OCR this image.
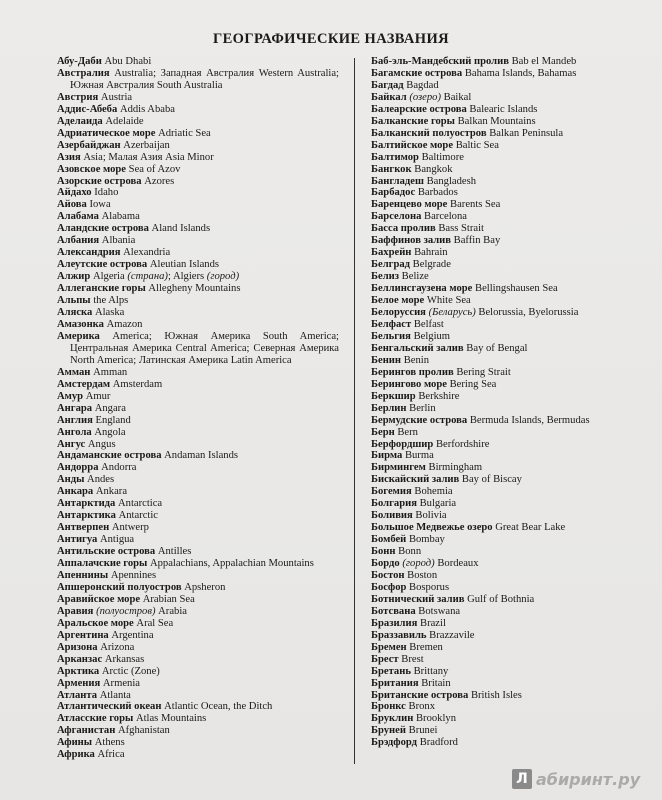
ГЕОГРАФИЧЕСКИЕ НАЗВАНИЯ
Абу-Даби Abu Dhabi
Австралия Australia; Западная Австралия Western Australia; Южная Австралия South Australia
Австрия Austria
Аддис-Абеба Addis Ababa
Аделаида Adelaide
Адриатическое море Adriatic Sea
Азербайджан Azerbaijan
Азия Asia; Малая Азия Asia Minor
Азовское море Sea of Azov
Азорские острова Azores
Айдахо Idaho
Айова Iowa
Алабама Alabama
Аландские острова Aland Islands
Албания Albania
Александрия Alexandria
Алеутские острова Aleutian Islands
Алжир Algeria (страна); Algiers (город)
Аллеганские горы Allegheny Mountains
Альпы the Alps
Аляска Alaska
Амазонка Amazon
Америка America; Южная Америка South America; Центральная Америка Central America; Северная Америка North America; Латинская Америка Latin America
Амман Amman
Амстердам Amsterdam
Амур Amur
Ангара Angara
Англия England
Ангола Angola
Ангус Angus
Андаманские острова Andaman Islands
Андорра Andorra
Анды Andes
Анкара Ankara
Антарктида Antarctica
Антарктика Antarctic
Антверпен Antwerp
Антигуа Antigua
Антильские острова Antilles
Аппалачские горы Appalachians, Appalachian Mountains
Апеннины Apennines
Апшеронский полуостров Apsheron
Аравийское море Arabian Sea
Аравия (полуостров) Arabia
Аральское море Aral Sea
Аргентина Argentina
Аризона Arizona
Арканзас Arkansas
Арктика Arctic (Zone)
Армения Armenia
Атланта Atlanta
Атлантический океан Atlantic Ocean, the Ditch
Атласские горы Atlas Mountains
Афганистан Afghanistan
Афины Athens
Африка Africa
Баб-эль-Мандебский пролив Bab el Mandeb
Багамские острова Bahama Islands, Bahamas
Багдад Bagdad
Байкал (озеро) Baikal
Балеарские острова Balearic Islands
Балканские горы Balkan Mountains
Балканский полуостров Balkan Peninsula
Балтийское море Baltic Sea
Балтимор Baltimore
Бангкок Bangkok
Бангладеш Bangladesh
Барбадос Barbados
Баренцево море Barents Sea
Барселона Barcelona
Басса пролив Bass Strait
Баффинов залив Baffin Bay
Бахрейн Bahrain
Белград Belgrade
Белиз Belize
Беллинсгаузена море Bellingshausen Sea
Белое море White Sea
Белоруссия (Беларусь) Belorussia, Byelorussia
Белфаст Belfast
Бельгия Belgium
Бенгальский залив Bay of Bengal
Бенин Benin
Берингов пролив Bering Strait
Берингово море Bering Sea
Беркшир Berkshire
Берлин Berlin
Бермудские острова Bermuda Islands, Bermudas
Берн Bern
Берфордшир Berfordshire
Бирма Burma
Бирмингем Birmingham
Бискайский залив Bay of Biscay
Богемия Bohemia
Болгария Bulgaria
Боливия Bolivia
Большое Медвежье озеро Great Bear Lake
Бомбей Bombay
Бонн Bonn
Бордо (город) Bordeaux
Бостон Boston
Босфор Bosporus
Ботнический залив Gulf of Bothnia
Ботсвана Botswana
Бразилия Brazil
Браззавиль Brazzavile
Бремен Bremen
Брест Brest
Бретань Brittany
Британия Britain
Британские острова British Isles
Бронкс Bronx
Бруклин Brooklyn
Бруней Brunei
Брэдфорд Bradford
Л абиринт.ру
